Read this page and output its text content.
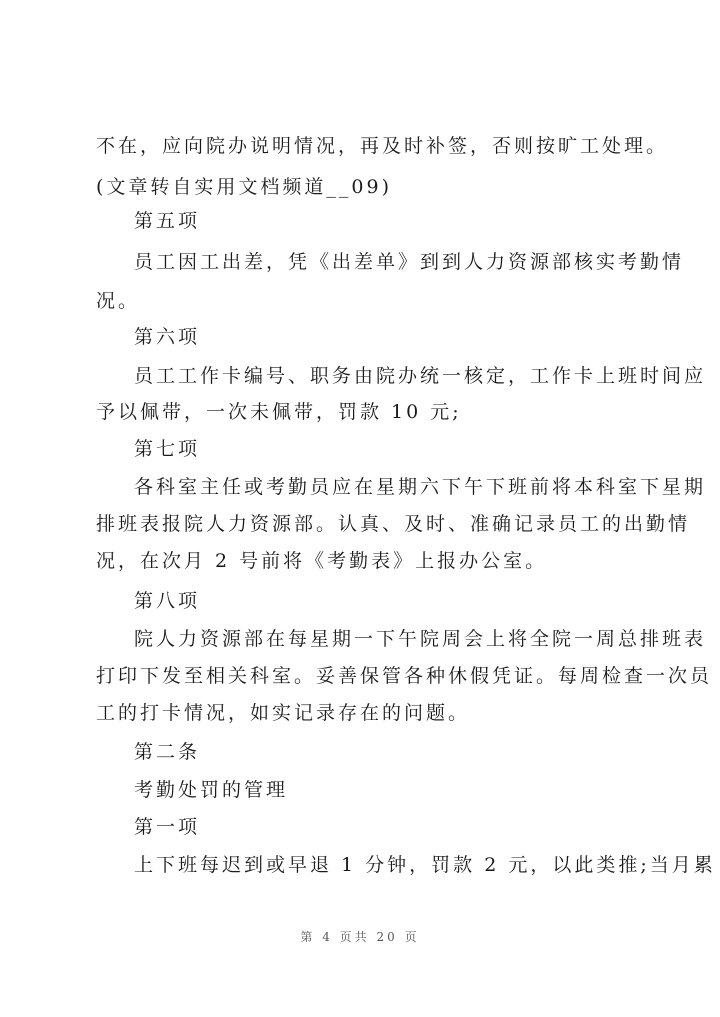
不在，应向院办说明情况，再及时补签，否则按旷工处理。
(文章转自实用文档频道__09)
第五项
员工因工出差，凭《出差单》到到人力资源部核实考勤情
况。
第六项
员工工作卡编号、职务由院办统一核定，工作卡上班时间应
予以佩带，一次未佩带，罚款 10 元;
第七项
各科室主任或考勤员应在星期六下午下班前将本科室下星期
排班表报院人力资源部。认真、及时、准确记录员工的出勤情
况，在次月 2 号前将《考勤表》上报办公室。
第八项
院人力资源部在每星期一下午院周会上将全院一周总排班表
打印下发至相关科室。妥善保管各种休假凭证。每周检查一次员
工的打卡情况，如实记录存在的问题。
第二条
考勤处罚的管理
第一项
上下班每迟到或早退 1 分钟，罚款 2 元，以此类推;当月累
第 4 页共 20 页
